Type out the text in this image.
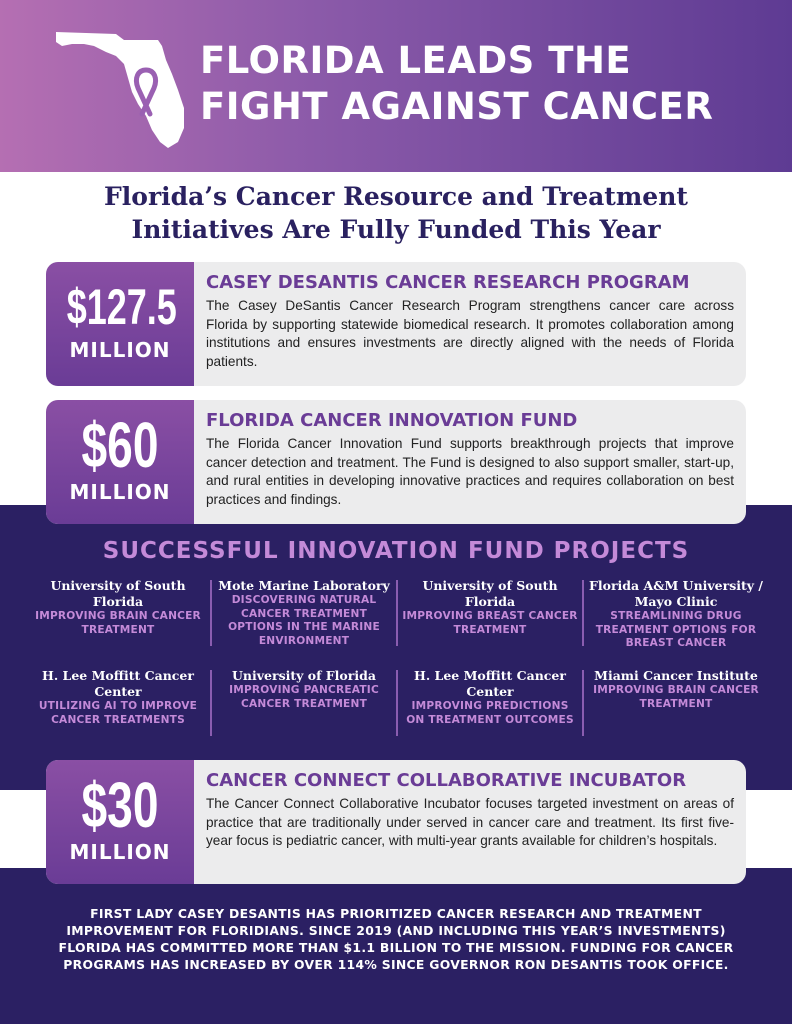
FLORIDA LEADS THE
FIGHT AGAINST CANCER
Florida’s Cancer Resource and Treatment
Initiatives Are Fully Funded This Year
$127.5
MILLION
CASEY DESANTIS CANCER RESEARCH PROGRAM
The Casey DeSantis Cancer Research Program strengthens cancer care across Florida by supporting statewide biomedical research. It promotes collaboration among institutions and ensures investments are directly aligned with the needs of Florida patients.
$60
MILLION
FLORIDA CANCER INNOVATION FUND
The Florida Cancer Innovation Fund supports breakthrough projects that improve cancer detection and treatment. The Fund is designed to also support smaller, start-up, and rural entities in developing innovative practices and requires collaboration on best practices and findings.
SUCCESSFUL INNOVATION FUND PROJECTS
University of South Florida
IMPROVING BRAIN CANCER TREATMENT
Mote Marine Laboratory
DISCOVERING NATURAL CANCER TREATMENT OPTIONS IN THE MARINE ENVIRONMENT
University of South Florida
IMPROVING BREAST CANCER TREATMENT
Florida A&M University / Mayo Clinic
STREAMLINING DRUG TREATMENT OPTIONS FOR BREAST CANCER
H. Lee Moffitt Cancer Center
UTILIZING AI TO IMPROVE CANCER TREATMENTS
University of Florida
IMPROVING PANCREATIC CANCER TREATMENT
H. Lee Moffitt Cancer Center
IMPROVING PREDICTIONS ON TREATMENT OUTCOMES
Miami Cancer Institute
IMPROVING BRAIN CANCER TREATMENT
$30
MILLION
CANCER CONNECT COLLABORATIVE INCUBATOR
The Cancer Connect Collaborative Incubator focuses targeted investment on areas of practice that are traditionally under served in cancer care and treatment. Its first five-year focus is pediatric cancer, with multi-year grants available for children’s hospitals.
FIRST LADY CASEY DESANTIS HAS PRIORITIZED CANCER RESEARCH AND TREATMENT IMPROVEMENT FOR FLORIDIANS. SINCE 2019 (AND INCLUDING THIS YEAR’S INVESTMENTS) FLORIDA HAS COMMITTED MORE THAN $1.1 BILLION TO THE MISSION. FUNDING FOR CANCER PROGRAMS HAS INCREASED BY OVER 114% SINCE GOVERNOR RON DESANTIS TOOK OFFICE.
